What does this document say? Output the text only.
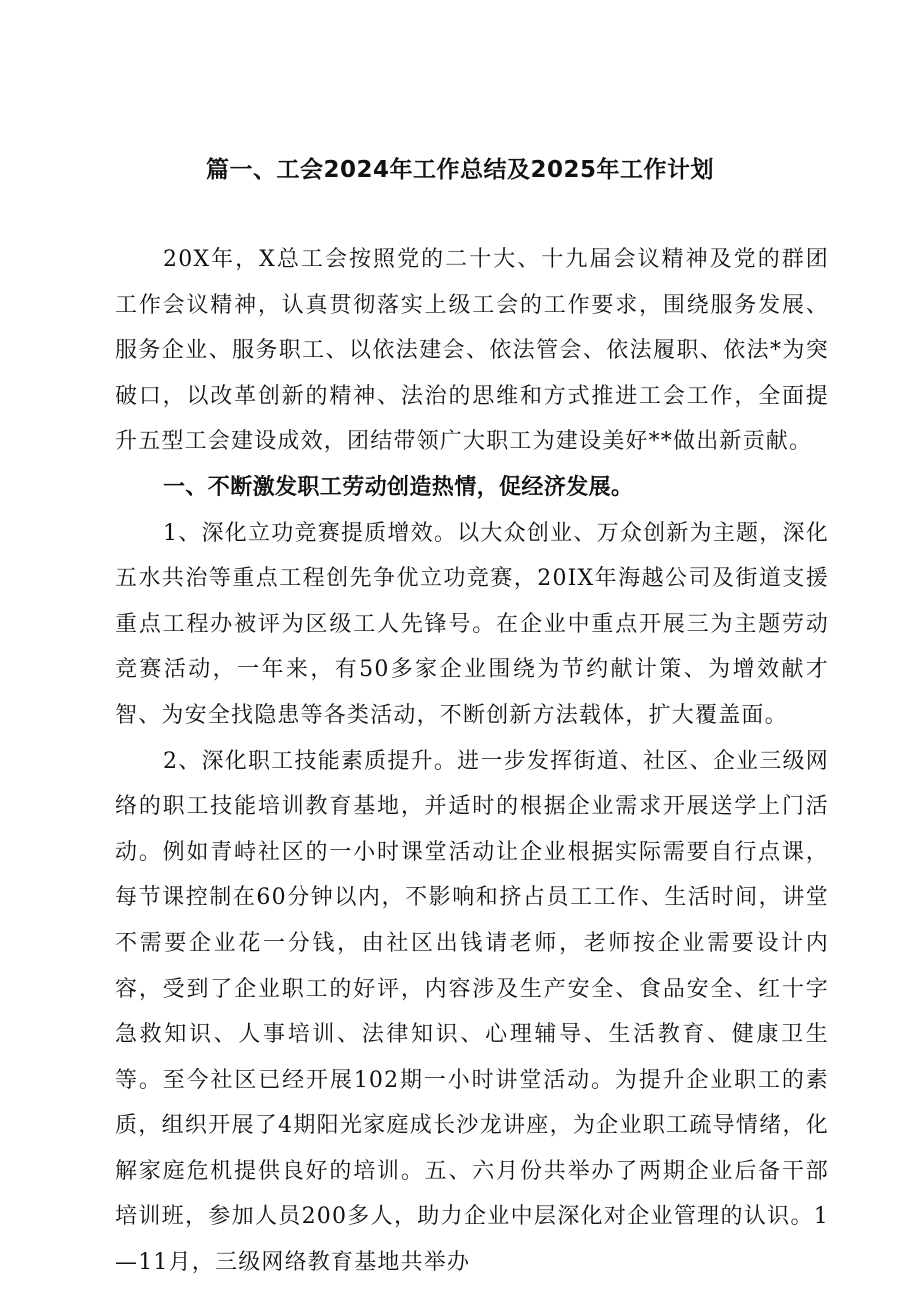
篇一、工会2024年工作总结及2025年工作计划

20X年，X总工会按照党的二十大、十九届会议精神及党的群团工作会议精神，认真贯彻落实上级工会的工作要求，围绕服务发展、服务企业、服务职工、以依法建会、依法管会、依法履职、依法*为突破口，以改革创新的精神、法治的思维和方式推进工会工作，全面提升五型工会建设成效，团结带领广大职工为建设美好**做出新贡献。

一、不断激发职工劳动创造热情，促经济发展。

1、深化立功竞赛提质增效。以大众创业、万众创新为主题，深化五水共治等重点工程创先争优立功竞赛，20IX年海越公司及街道支援重点工程办被评为区级工人先锋号。在企业中重点开展三为主题劳动竞赛活动，一年来，有50多家企业围绕为节约献计策、为增效献才智、为安全找隐患等各类活动，不断创新方法载体，扩大覆盖面。

2、深化职工技能素质提升。进一步发挥街道、社区、企业三级网络的职工技能培训教育基地，并适时的根据企业需求开展送学上门活动。例如青峙社区的一小时课堂活动让企业根据实际需要自行点课，每节课控制在60分钟以内，不影响和挤占员工工作、生活时间，讲堂不需要企业花一分钱，由社区出钱请老师，老师按企业需要设计内容，受到了企业职工的好评，内容涉及生产安全、食品安全、红十字急救知识、人事培训、法律知识、心理辅导、生活教育、健康卫生等。至今社区已经开展102期一小时讲堂活动。为提升企业职工的素质，组织开展了4期阳光家庭成长沙龙讲座，为企业职工疏导情绪，化解家庭危机提供良好的培训。五、六月份共举办了两期企业后备干部培训班，参加人员200多人，助力企业中层深化对企业管理的认识。1—11月，三级网络教育基地共举办
